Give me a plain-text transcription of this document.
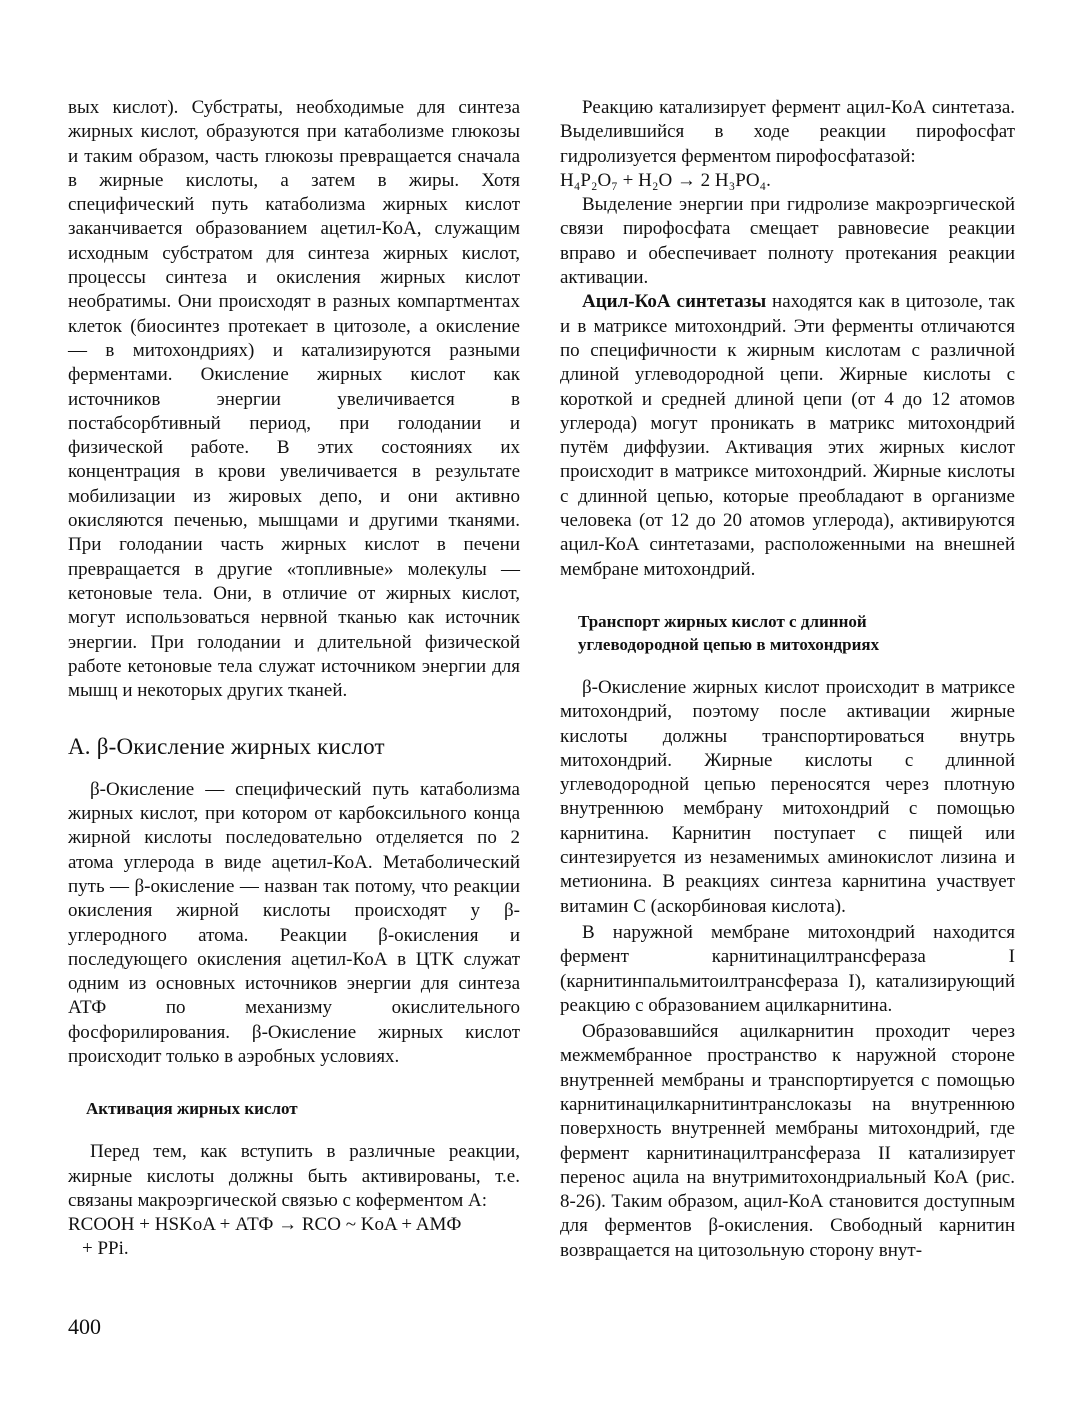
вых кислот). Субстраты, необходимые для синтеза жирных кислот, образуются при катаболизме глюкозы и таким образом, часть глюкозы превращается сначала в жирные кислоты, а затем в жиры. Хотя специфический путь катаболизма жирных кислот заканчивается образованием ацетил-КоА, служащим исходным субстратом для синтеза жирных кислот, процессы синтеза и окисления жирных кислот необратимы. Они происходят в разных компартментах клеток (биосинтез протекает в цитозоле, а окисление — в митохондриях) и катализируются разными ферментами. Окисление жирных кислот как источников энергии увеличивается в постабсорбтивный период, при голодании и физической работе. В этих состояниях их концентрация в крови увеличивается в результате мобилизации из жировых депо, и они активно окисляются печенью, мышцами и другими тканями. При голодании часть жирных кислот в печени превращается в другие «топливные» молекулы — кетоновые тела. Они, в отличие от жирных кислот, могут использоваться нервной тканью как источник энергии. При голодании и длительной физической работе кетоновые тела служат источником энергии для мышц и некоторых других тканей.

А. β-Окисление жирных кислот

β-Окисление — специфический путь катаболизма жирных кислот, при котором от карбоксильного конца жирной кислоты последовательно отделяется по 2 атома углерода в виде ацетил-КоА. Метаболический путь — β-окисление — назван так потому, что реакции окисления жирной кислоты происходят у β-углеродного атома. Реакции β-окисления и последующего окисления ацетил-КоА в ЦТК служат одним из основных источников энергии для синтеза АТФ по механизму окислительного фосфорилирования. β-Окисление жирных кислот происходит только в аэробных условиях.

Активация жирных кислот

Перед тем, как вступить в различные реакции, жирные кислоты должны быть активированы, т.е. связаны макроэргической связью с коферментом А:

RCOOH + HSKoA + АТФ → RCO ~ KoA + AMФ
+ PPi.

Реакцию катализирует фермент ацил-КоА синтетаза. Выделившийся в ходе реакции пирофосфат гидролизуется ферментом пирофосфатазой:

H₄P₂O₇ + H₂O → 2 H₃PO₄.

Выделение энергии при гидролизе макроэргической связи пирофосфата смещает равновесие реакции вправо и обеспечивает полноту протекания реакции активации.

Ацил-КоА синтетазы находятся как в цитозоле, так и в матриксе митохондрий. Эти ферменты отличаются по специфичности к жирным кислотам с различной длиной углеводородной цепи. Жирные кислоты с короткой и средней длиной цепи (от 4 до 12 атомов углерода) могут проникать в матрикс митохондрий путём диффузии. Активация этих жирных кислот происходит в матриксе митохондрий. Жирные кислоты с длинной цепью, которые преобладают в организме человека (от 12 до 20 атомов углерода), активируются ацил-КоА синтетазами, расположенными на внешней мембране митохондрий.

Транспорт жирных кислот с длинной
углеводородной цепью в митохондриях

β-Окисление жирных кислот происходит в матриксе митохондрий, поэтому после активации жирные кислоты должны транспортироваться внутрь митохондрий. Жирные кислоты с длинной углеводородной цепью переносятся через плотную внутреннюю мембрану митохондрий с помощью карнитина. Карнитин поступает с пищей или синтезируется из незаменимых аминокислот лизина и метионина. В реакциях синтеза карнитина участвует витамин С (аскорбиновая кислота).

В наружной мембране митохондрий находится фермент карнитинацилтрансфераза I (карнитинпальмитоилтрансфераза I), катализирующий реакцию с образованием ацилкарнитина.

Образовавшийся ацилкарнитин проходит через межмембранное пространство к наружной стороне внутренней мембраны и транспортируется с помощью карнитинацилкарнитинтранслоказы на внутреннюю поверхность внутренней мембраны митохондрий, где фермент карнитинацилтрансфераза II катализирует перенос ацила на внутримитохондриальный КоА (рис. 8-26). Таким образом, ацил-КоА становится доступным для ферментов β-окисления. Свободный карнитин возвращается на цитозольную сторону внут-

400
